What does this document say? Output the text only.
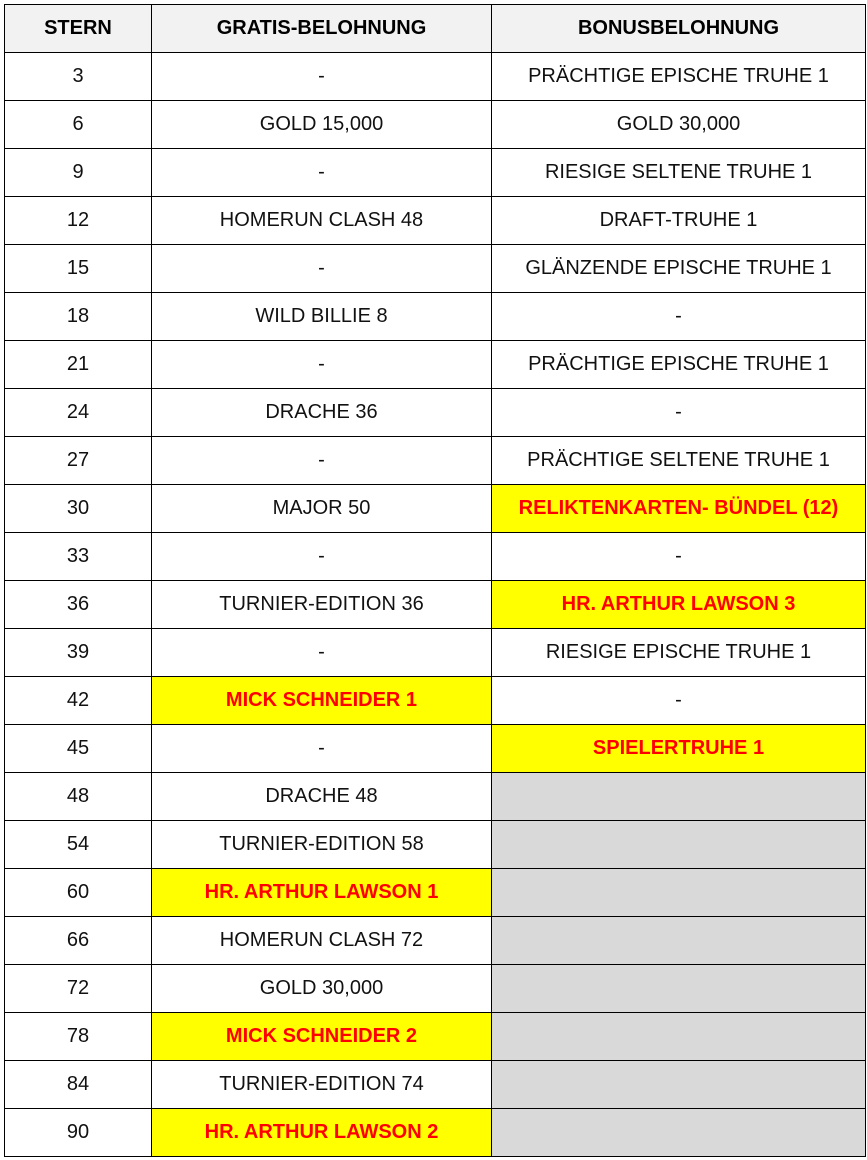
STERN	GRATIS-BELOHNUNG	BONUSBELOHNUNG
3	-	PRÄCHTIGE EPISCHE TRUHE 1
6	GOLD 15,000	GOLD 30,000
9	-	RIESIGE SELTENE TRUHE 1
12	HOMERUN CLASH 48	DRAFT-TRUHE 1
15	-	GLÄNZENDE EPISCHE TRUHE 1
18	WILD BILLIE 8	-
21	-	PRÄCHTIGE EPISCHE TRUHE 1
24	DRACHE 36	-
27	-	PRÄCHTIGE SELTENE TRUHE 1
30	MAJOR 50	RELIKTENKARTEN- BÜNDEL (12)
33	-	-
36	TURNIER-EDITION 36	HR. ARTHUR LAWSON 3
39	-	RIESIGE EPISCHE TRUHE 1
42	MICK SCHNEIDER 1	-
45	-	SPIELERTRUHE 1
48	DRACHE 48	
54	TURNIER-EDITION 58	
60	HR. ARTHUR LAWSON 1	
66	HOMERUN CLASH 72	
72	GOLD 30,000	
78	MICK SCHNEIDER 2	
84	TURNIER-EDITION 74	
90	HR. ARTHUR LAWSON 2	
